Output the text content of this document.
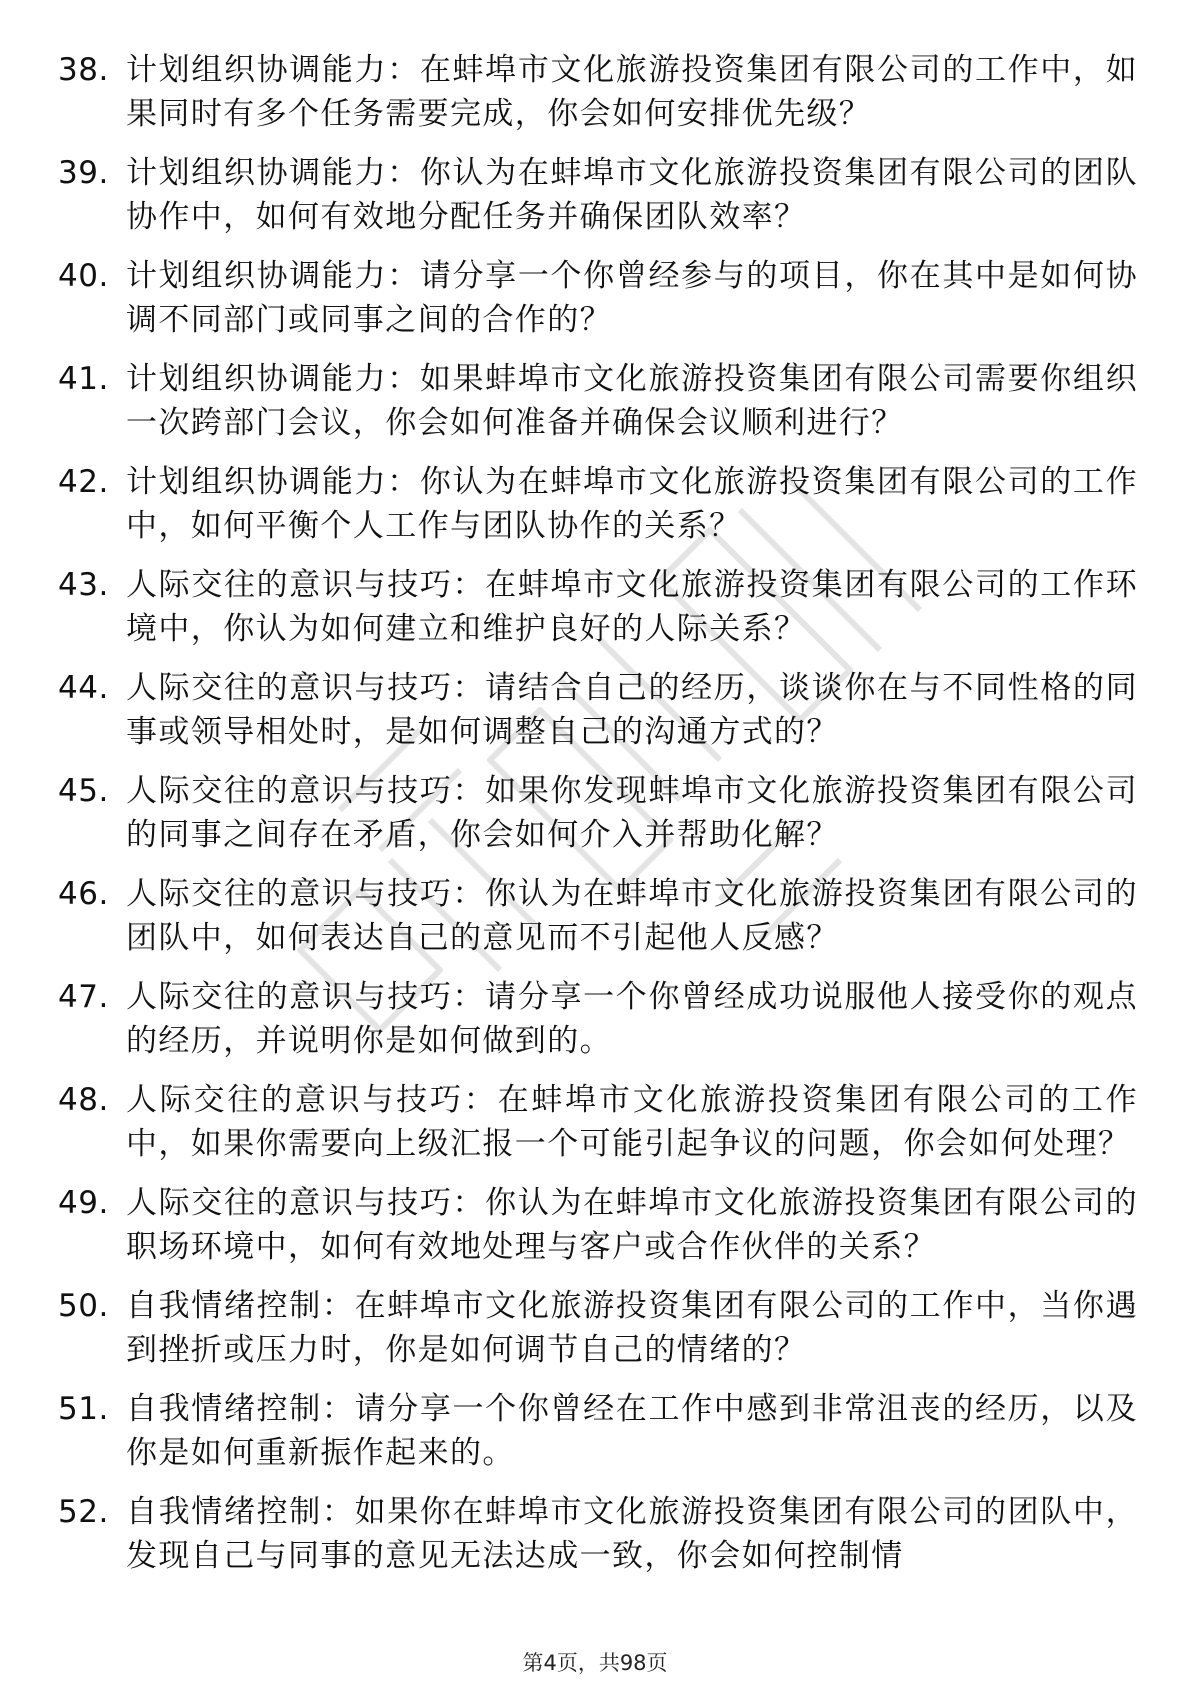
38. 计划组织协调能力：在蚌埠市文化旅游投资集团有限公司的工作中，如果同时有多个任务需要完成，你会如何安排优先级？
39. 计划组织协调能力：你认为在蚌埠市文化旅游投资集团有限公司的团队协作中，如何有效地分配任务并确保团队效率？
40. 计划组织协调能力：请分享一个你曾经参与的项目，你在其中是如何协调不同部门或同事之间的合作的？
41. 计划组织协调能力：如果蚌埠市文化旅游投资集团有限公司需要你组织一次跨部门会议，你会如何准备并确保会议顺利进行？
42. 计划组织协调能力：你认为在蚌埠市文化旅游投资集团有限公司的工作中，如何平衡个人工作与团队协作的关系？
43. 人际交往的意识与技巧：在蚌埠市文化旅游投资集团有限公司的工作环境中，你认为如何建立和维护良好的人际关系？
44. 人际交往的意识与技巧：请结合自己的经历，谈谈你在与不同性格的同事或领导相处时，是如何调整自己的沟通方式的？
45. 人际交往的意识与技巧：如果你发现蚌埠市文化旅游投资集团有限公司的同事之间存在矛盾，你会如何介入并帮助化解？
46. 人际交往的意识与技巧：你认为在蚌埠市文化旅游投资集团有限公司的团队中，如何表达自己的意见而不引起他人反感？
47. 人际交往的意识与技巧：请分享一个你曾经成功说服他人接受你的观点的经历，并说明你是如何做到的。
48. 人际交往的意识与技巧：在蚌埠市文化旅游投资集团有限公司的工作中，如果你需要向上级汇报一个可能引起争议的问题，你会如何处理？
49. 人际交往的意识与技巧：你认为在蚌埠市文化旅游投资集团有限公司的职场环境中，如何有效地处理与客户或合作伙伴的关系？
50. 自我情绪控制：在蚌埠市文化旅游投资集团有限公司的工作中，当你遇到挫折或压力时，你是如何调节自己的情绪的？
51. 自我情绪控制：请分享一个你曾经在工作中感到非常沮丧的经历，以及你是如何重新振作起来的。
52. 自我情绪控制：如果你在蚌埠市文化旅游投资集团有限公司的团队中，发现自己与同事的意见无法达成一致，你会如何控制情
第4页，共98页
